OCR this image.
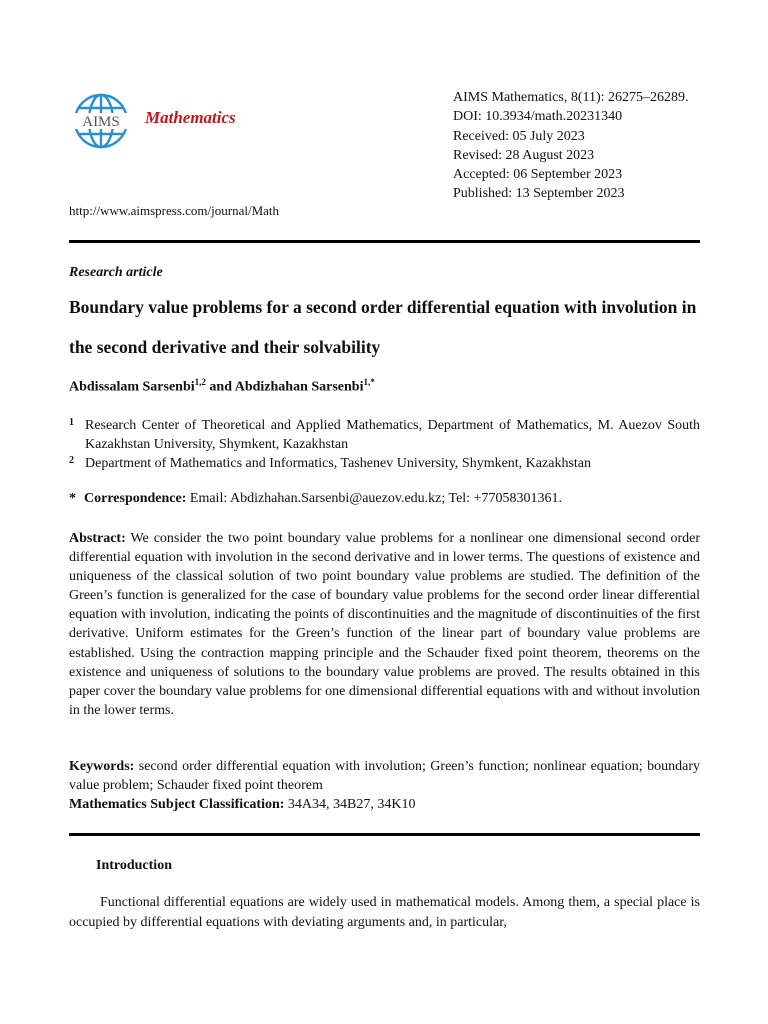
AIMS Mathematics
AIMS Mathematics, 8(11): 26275–26289.
DOI: 10.3934/math.20231340
Received: 05 July 2023
Revised: 28 August 2023
Accepted: 06 September 2023
Published: 13 September 2023
http://www.aimspress.com/journal/Math
Research article
Boundary value problems for a second order differential equation with involution in the second derivative and their solvability
Abdissalam Sarsenbi$^{1,2}$ and Abdizhahan Sarsenbi$^{1,*}$
1 Research Center of Theoretical and Applied Mathematics, Department of Mathematics, M. Auezov South Kazakhstan University, Shymkent, Kazakhstan
2 Department of Mathematics and Informatics, Tashenev University, Shymkent, Kazakhstan
* Correspondence: Email: Abdizhahan.Sarsenbi@auezov.edu.kz; Tel: +77058301361.
Abstract: We consider the two point boundary value problems for a nonlinear one dimensional second order differential equation with involution in the second derivative and in lower terms. The questions of existence and uniqueness of the classical solution of two point boundary value problems are studied. The definition of the Green’s function is generalized for the case of boundary value problems for the second order linear differential equation with involution, indicating the points of discontinuities and the magnitude of discontinuities of the first derivative. Uniform estimates for the Green’s function of the linear part of boundary value problems are established. Using the contraction mapping principle and the Schauder fixed point theorem, theorems on the existence and uniqueness of solutions to the boundary value problems are proved. The results obtained in this paper cover the boundary value problems for one dimensional differential equations with and without involution in the lower terms.
Keywords: second order differential equation with involution; Green’s function; nonlinear equation; boundary value problem; Schauder fixed point theorem
Mathematics Subject Classification: 34A34, 34B27, 34K10
Introduction
Functional differential equations are widely used in mathematical models. Among them, a special place is occupied by differential equations with deviating arguments and, in particular,
